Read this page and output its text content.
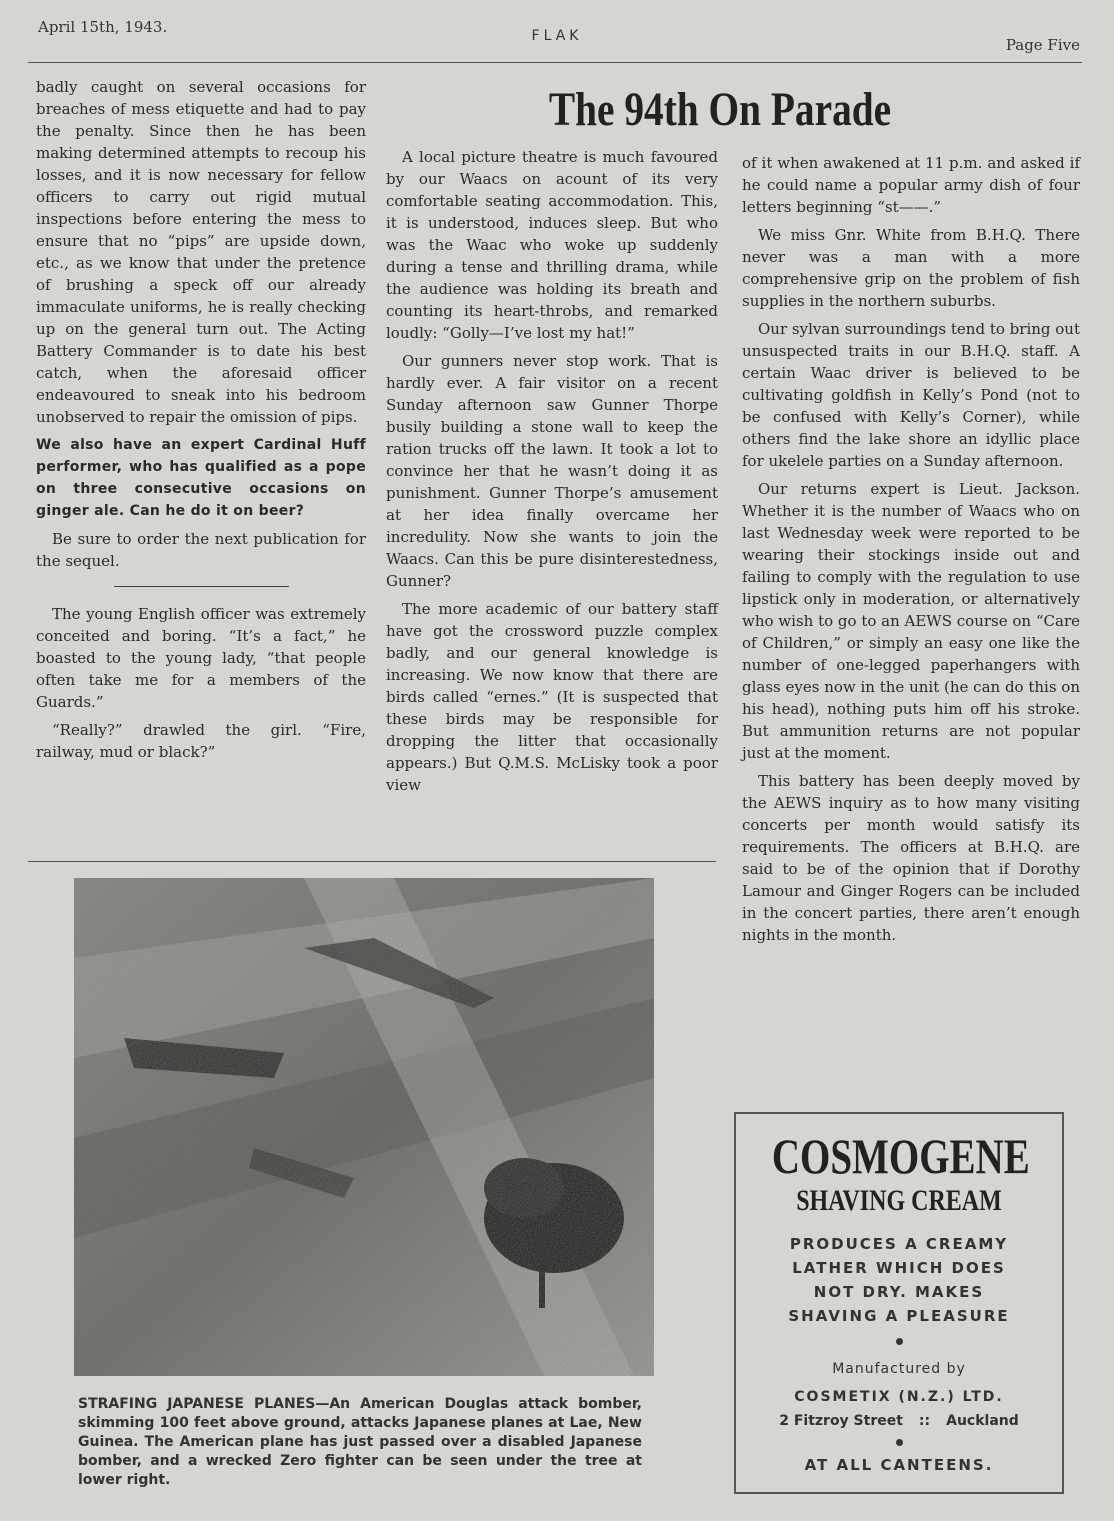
April 15th, 1943.	FLAK	Page Five

badly caught on several occasions for breaches of mess etiquette and had to pay the penalty. Since then he has been making determined attempts to recoup his losses, and it is now necessary for fellow officers to carry out rigid mutual inspections before entering the mess to ensure that no “pips” are upside down, etc., as we know that under the pretence of brushing a speck off our already immaculate uniforms, he is really checking up on the general turn out. The Acting Battery Commander is to date his best catch, when the aforesaid officer endeavoured to sneak into his bedroom unobserved to repair the omission of pips.

We also have an expert Cardinal Huff performer, who has qualified as a pope on three consecutive occasions on ginger ale. Can he do it on beer?

Be sure to order the next publication for the sequel.

The young English officer was extremely conceited and boring. “It’s a fact,” he boasted to the young lady, “that people often take me for a members of the Guards.”

“Really?” drawled the girl. “Fire, railway, mud or black?”

The 94th On Parade

A local picture theatre is much favoured by our Waacs on acount of its very comfortable seating accommodation. This, it is understood, induces sleep. But who was the Waac who woke up suddenly during a tense and thrilling drama, while the audience was holding its breath and counting its heart-throbs, and remarked loudly: “Golly—I’ve lost my hat!”

Our gunners never stop work. That is hardly ever. A fair visitor on a recent Sunday afternoon saw Gunner Thorpe busily building a stone wall to keep the ration trucks off the lawn. It took a lot to convince her that he wasn’t doing it as punishment. Gunner Thorpe’s amusement at her idea finally overcame her incredulity. Now she wants to join the Waacs. Can this be pure disinterestedness, Gunner?

The more academic of our battery staff have got the crossword puzzle complex badly, and our general knowledge is increasing. We now know that there are birds called “ernes.” (It is suspected that these birds may be responsible for dropping the litter that occasionally appears.) But Q.M.S. McLisky took a poor view

of it when awakened at 11 p.m. and asked if he could name a popular army dish of four letters beginning “st——.”

We miss Gnr. White from B.H.Q. There never was a man with a more comprehensive grip on the problem of fish supplies in the northern suburbs.

Our sylvan surroundings tend to bring out unsuspected traits in our B.H.Q. staff. A certain Waac driver is believed to be cultivating goldfish in Kelly’s Pond (not to be confused with Kelly’s Corner), while others find the lake shore an idyllic place for ukelele parties on a Sunday afternoon.

Our returns expert is Lieut. Jackson. Whether it is the number of Waacs who on last Wednesday week were reported to be wearing their stockings inside out and failing to comply with the regulation to use lipstick only in moderation, or alternatively who wish to go to an AEWS course on “Care of Children,” or simply an easy one like the number of one-legged paperhangers with glass eyes now in the unit (he can do this on his head), nothing puts him off his stroke. But ammunition returns are not popular just at the moment.

This battery has been deeply moved by the AEWS inquiry as to how many visiting concerts per month would satisfy its requirements. The officers at B.H.Q. are said to be of the opinion that if Dorothy Lamour and Ginger Rogers can be included in the concert parties, there aren’t enough nights in the month.

STRAFING JAPANESE PLANES—An American Douglas attack bomber, skimming 100 feet above ground, attacks Japanese planes at Lae, New Guinea. The American plane has just passed over a disabled Japanese bomber, and a wrecked Zero fighter can be seen under the tree at lower right.
COSMOGENE
SHAVING CREAM
PRODUCES A CREAMY LATHER WHICH DOES NOT DRY. MAKES SHAVING A PLEASURE
Manufactured by
COSMETIX (N.Z.) LTD.
2 Fitzroy Street :: Auckland
AT ALL CANTEENS.
